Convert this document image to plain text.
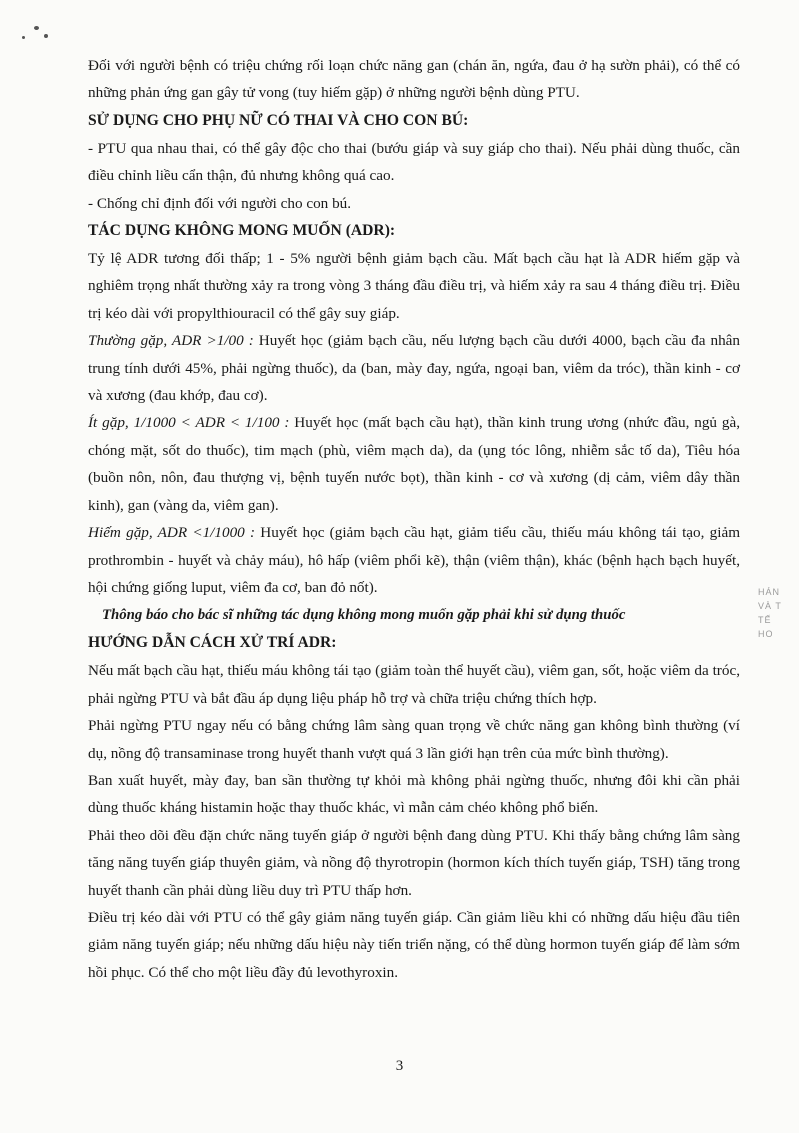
Đối với người bệnh có triệu chứng rối loạn chức năng gan (chán ăn, ngứa, đau ở hạ sườn phải), có thể có những phản ứng gan gây tử vong (tuy hiếm gặp) ở những người bệnh dùng PTU.

SỬ DỤNG CHO PHỤ NỮ CÓ THAI VÀ CHO CON BÚ:

- PTU qua nhau thai, có thể gây độc cho thai (bướu giáp và suy giáp cho thai). Nếu phải dùng thuốc, cần điều chỉnh liều cẩn thận, đủ nhưng không quá cao.

- Chống chỉ định đối với người cho con bú.

TÁC DỤNG KHÔNG MONG MUỐN (ADR):

Tỷ lệ ADR tương đối thấp; 1 - 5% người bệnh giảm bạch cầu. Mất bạch cầu hạt là ADR hiếm gặp và nghiêm trọng nhất thường xảy ra trong vòng 3 tháng đầu điều trị, và hiếm xảy ra sau 4 tháng điều trị. Điều trị kéo dài với propylthiouracil có thể gây suy giáp.

Thường gặp, ADR >1/00 : Huyết học (giảm bạch cầu, nếu lượng bạch cầu dưới 4000, bạch cầu đa nhân trung tính dưới 45%, phải ngừng thuốc), da (ban, mày đay, ngứa, ngoại ban, viêm da tróc), thần kinh - cơ và xương (đau khớp, đau cơ).

Ít gặp, 1/1000 < ADR < 1/100 : Huyết học (mất bạch cầu hạt), thần kinh trung ương (nhức đầu, ngủ gà, chóng mặt, sốt do thuốc), tim mạch (phù, viêm mạch da), da (ụng tóc lông, nhiễm sắc tố da), Tiêu hóa (buồn nôn, nôn, đau thượng vị, bệnh tuyến nước bọt), thần kinh - cơ và xương (dị cảm, viêm dây thần kinh), gan (vàng da, viêm gan).

Hiếm gặp, ADR <1/1000 : Huyết học (giảm bạch cầu hạt, giảm tiểu cầu, thiếu máu không tái tạo, giảm prothrombin - huyết và chảy máu), hô hấp (viêm phổi kẽ), thận (viêm thận), khác (bệnh hạch bạch huyết, hội chứng giống luput, viêm đa cơ, ban đỏ nốt).

Thông báo cho bác sĩ những tác dụng không mong muốn gặp phải khi sử dụng thuốc

HƯỚNG DẪN CÁCH XỬ TRÍ ADR:

Nếu mất bạch cầu hạt, thiếu máu không tái tạo (giảm toàn thể huyết cầu), viêm gan, sốt, hoặc viêm da tróc, phải ngừng PTU và bắt đầu áp dụng liệu pháp hỗ trợ và chữa triệu chứng thích hợp.

Phải ngừng PTU ngay nếu có bằng chứng lâm sàng quan trọng về chức năng gan không bình thường (ví dụ, nồng độ transaminase trong huyết thanh vượt quá 3 lần giới hạn trên của mức bình thường).

Ban xuất huyết, mày đay, ban sần thường tự khỏi mà không phải ngừng thuốc, nhưng đôi khi cần phải dùng thuốc kháng histamin hoặc thay thuốc khác, vì mẫn cảm chéo không phổ biến.

Phải theo dõi đều đặn chức năng tuyến giáp ở người bệnh đang dùng PTU. Khi thấy bằng chứng lâm sàng tăng năng tuyến giáp thuyên giảm, và nồng độ thyrotropin (hormon kích thích tuyến giáp, TSH) tăng trong huyết thanh cần phải dùng liều duy trì PTU thấp hơn.

Điều trị kéo dài với PTU có thể gây giảm năng tuyến giáp. Cần giảm liều khi có những dấu hiệu đầu tiên giảm năng tuyến giáp; nếu những dấu hiệu này tiến triển nặng, có thể dùng hormon tuyến giáp để làm sớm hồi phục. Có thể cho một liều đầy đủ levothyroxin.

HÁN
VÀ T
TẾ
HO
3
